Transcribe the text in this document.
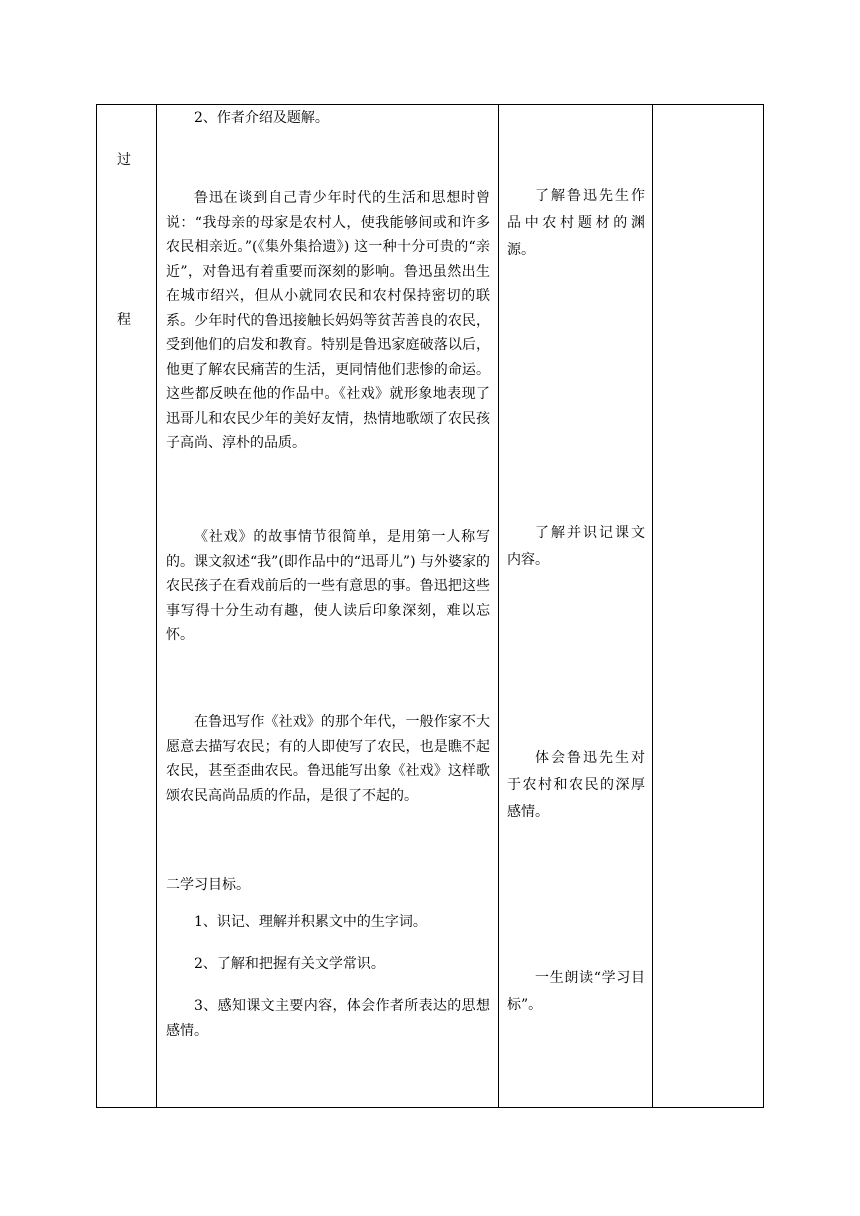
过
程

2、作者介绍及题解。

鲁迅在谈到自己青少年时代的生活和思想时曾说：“我母亲的母家是农村人，使我能够间或和许多农民相亲近。”(《集外集拾遗》) 这一种十分可贵的“亲近”，对鲁迅有着重要而深刻的影响。鲁迅虽然出生在城市绍兴，但从小就同农民和农村保持密切的联系。少年时代的鲁迅接触长妈妈等贫苦善良的农民，受到他们的启发和教育。特别是鲁迅家庭破落以后，他更了解农民痛苦的生活，更同情他们悲惨的命运。这些都反映在他的作品中。《社戏》就形象地表现了迅哥儿和农民少年的美好友情，热情地歌颂了农民孩子高尚、淳朴的品质。

《社戏》的故事情节很简单，是用第一人称写的。课文叙述“我”(即作品中的“迅哥儿”) 与外婆家的农民孩子在看戏前后的一些有意思的事。鲁迅把这些事写得十分生动有趣，使人读后印象深刻，难以忘怀。

在鲁迅写作《社戏》的那个年代，一般作家不大愿意去描写农民；有的人即使写了农民，也是瞧不起农民，甚至歪曲农民。鲁迅能写出象《社戏》这样歌颂农民高尚品质的作品，是很了不起的。

二学习目标。

1、识记、理解并积累文中的生字词。

2、了解和把握有关文学常识。

3、感知课文主要内容，体会作者所表达的思想感情。

了解鲁迅先生作品中农村题材的渊源。

了解并识记课文内容。

体会鲁迅先生对于农村和农民的深厚感情。

一生朗读“学习目标”。
